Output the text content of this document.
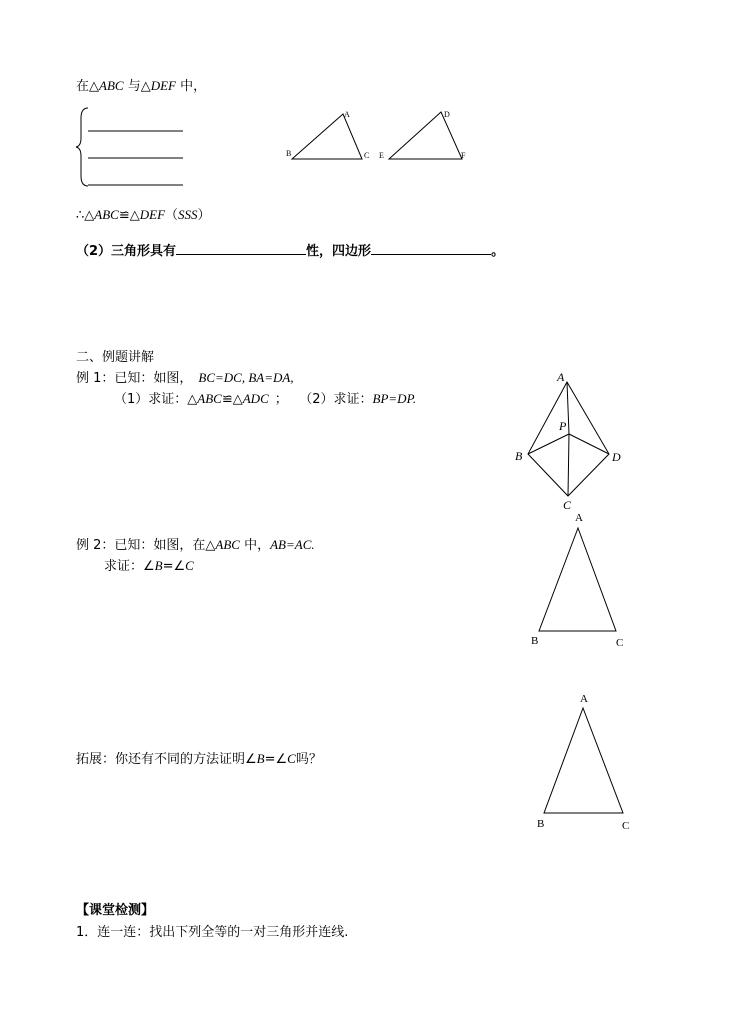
在△ABC 与△DEF 中，
∴△ABC≌△DEF（SSS）
（2）三角形具有	性，四边形	。
二、例题讲解
例 1：已知：如图， BC=DC, BA=DA,
（1）求证：△ABC≌△ADC ； （2）求证：BP=DP.
例 2：已知：如图，在△ABC 中，AB=AC.
求证：∠B=∠C
拓展：你还有不同的方法证明∠B=∠C吗？
【课堂检测】
1．连一连：找出下列全等的一对三角形并连线.
A
B	C
D
E	F
A
P
B	D
C
A
B	C
A
B	C
